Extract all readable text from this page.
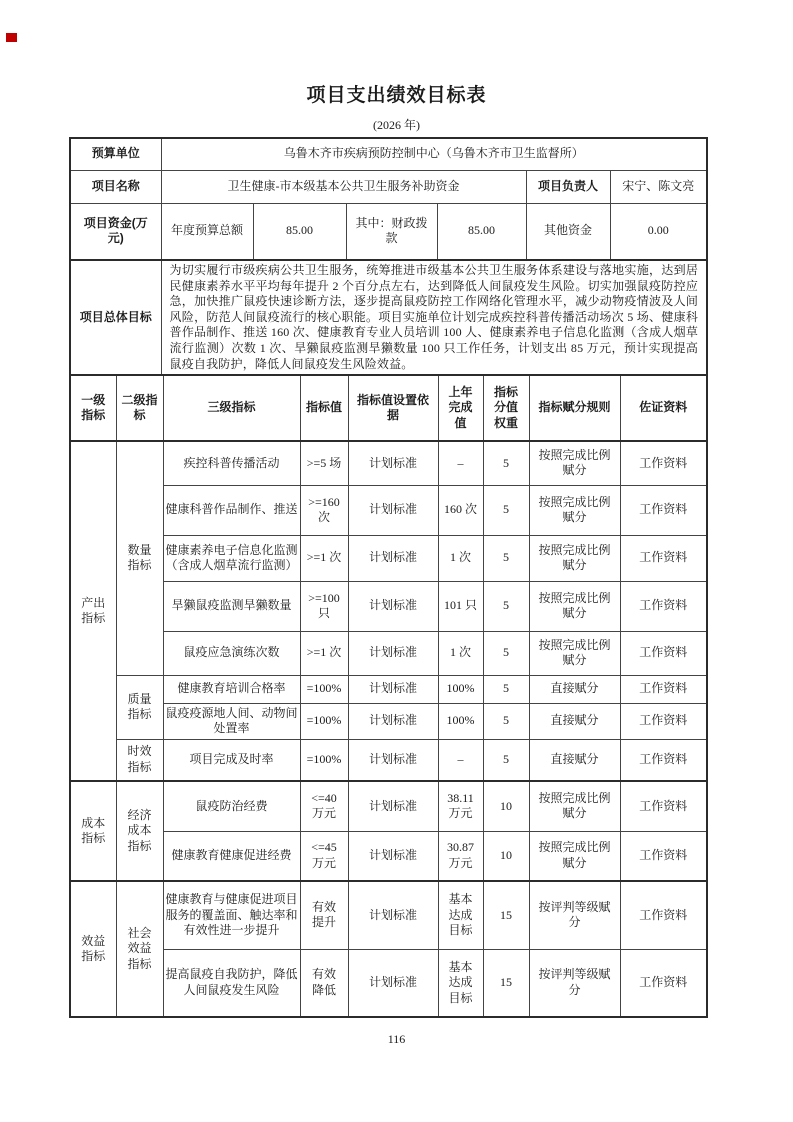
项目支出绩效目标表
(2026 年)
预算单位	乌鲁木齐市疾病预防控制中心（乌鲁木齐市卫生监督所）					
项目名称	卫生健康-市本级基本公共卫生服务补助资金				项目负责人	宋宁、陈文亮
项目资金(万元)	年度预算总额	85.00	其中：财政拨款	85.00	其他资金	0.00
项目总体目标	为切实履行市级疾病公共卫生服务，统筹推进市级基本公共卫生服务体系建设与落地实施，达到居民健康素养水平平均每年提升 2 个百分点左右，达到降低人间鼠疫发生风险。切实加强鼠疫防控应急，加快推广鼠疫快速诊断方法，逐步提高鼠疫防控工作网络化管理水平，减少动物疫情波及人间风险，防范人间鼠疫流行的核心职能。项目实施单位计划完成疾控科普传播活动场次 5 场、健康科普作品制作、推送 160 次、健康教育专业人员培训 100 人、健康素养电子信息化监测（含成人烟草流行监测）次数 1 次、旱獭鼠疫监测旱獭数量 100 只工作任务，计划支出 85 万元，预计实现提高鼠疫自我防护，降低人间鼠疫发生风险效益。					
一级指标	二级指标	三级指标	指标值	指标值设置依据	上年完成值	指标分值权重	指标赋分规则	佐证资料
产出指标	数量指标	疾控科普传播活动	>=5 场	计划标准	–	5	按照完成比例赋分	工作资料
		健康科普作品制作、推送	>=160 次	计划标准	160 次	5	按照完成比例赋分	工作资料
		健康素养电子信息化监测（含成人烟草流行监测）	>=1 次	计划标准	1 次	5	按照完成比例赋分	工作资料
		旱獭鼠疫监测旱獭数量	>=100 只	计划标准	101 只	5	按照完成比例赋分	工作资料
		鼠疫应急演练次数	>=1 次	计划标准	1 次	5	按照完成比例赋分	工作资料
	质量指标	健康教育培训合格率	=100%	计划标准	100%	5	直接赋分	工作资料
		鼠疫疫源地人间、动物间处置率	=100%	计划标准	100%	5	直接赋分	工作资料
	时效指标	项目完成及时率	=100%	计划标准	–	5	直接赋分	工作资料
成本指标	经济成本指标	鼠疫防治经费	<=40 万元	计划标准	38.11 万元	10	按照完成比例赋分	工作资料
		健康教育健康促进经费	<=45 万元	计划标准	30.87 万元	10	按照完成比例赋分	工作资料
效益指标	社会效益指标	健康教育与健康促进项目服务的覆盖面、触达率和有效性进一步提升	有效提升	计划标准	基本达成目标	15	按评判等级赋分	工作资料
		提高鼠疫自我防护，降低人间鼠疫发生风险	有效降低	计划标准	基本达成目标	15	按评判等级赋分	工作资料
116
